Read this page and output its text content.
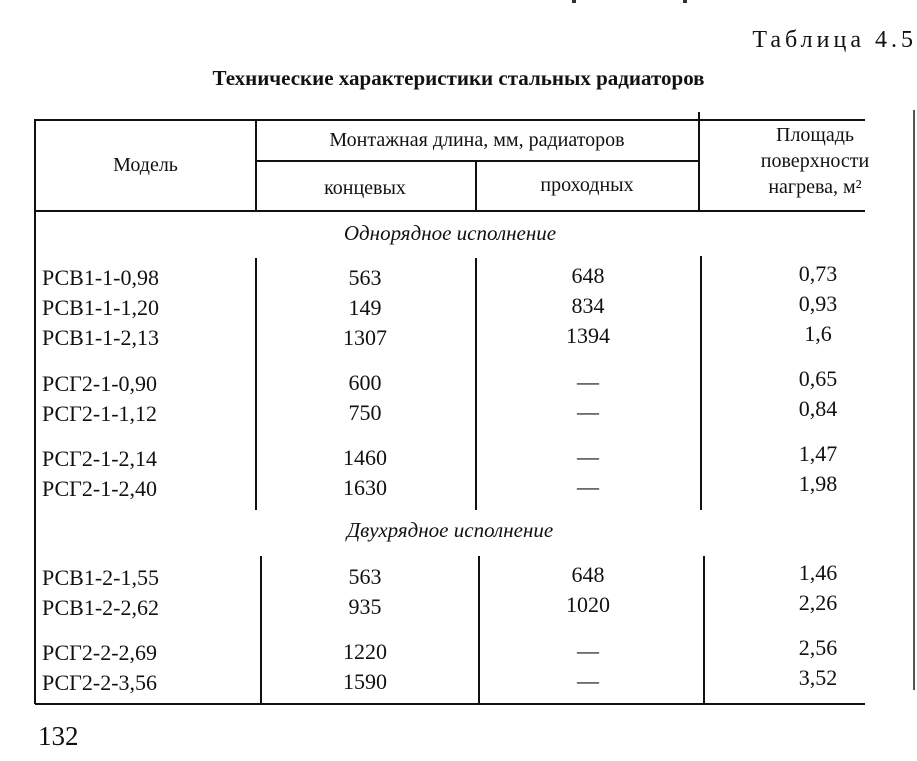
Таблица 4.5
Технические характеристики стальных радиаторов
Модель
Монтажная длина, мм, радиаторов
концевых	проходных
Площадь
поверхности
нагрева, м²
Однорядное исполнение
РСВ1-1-0,98	563	648	0,73
РСВ1-1-1,20	149	834	0,93
РСВ1-1-2,13	1307	1394	1,6
РСГ2-1-0,90	600	—	0,65
РСГ2-1-1,12	750	—	0,84
РСГ2-1-2,14	1460	—	1,47
РСГ2-1-2,40	1630	—	1,98
Двухрядное исполнение
РСВ1-2-1,55	563	648	1,46
РСВ1-2-2,62	935	1020	2,26
РСГ2-2-2,69	1220	—	2,56
РСГ2-2-3,56	1590	—	3,52
132
